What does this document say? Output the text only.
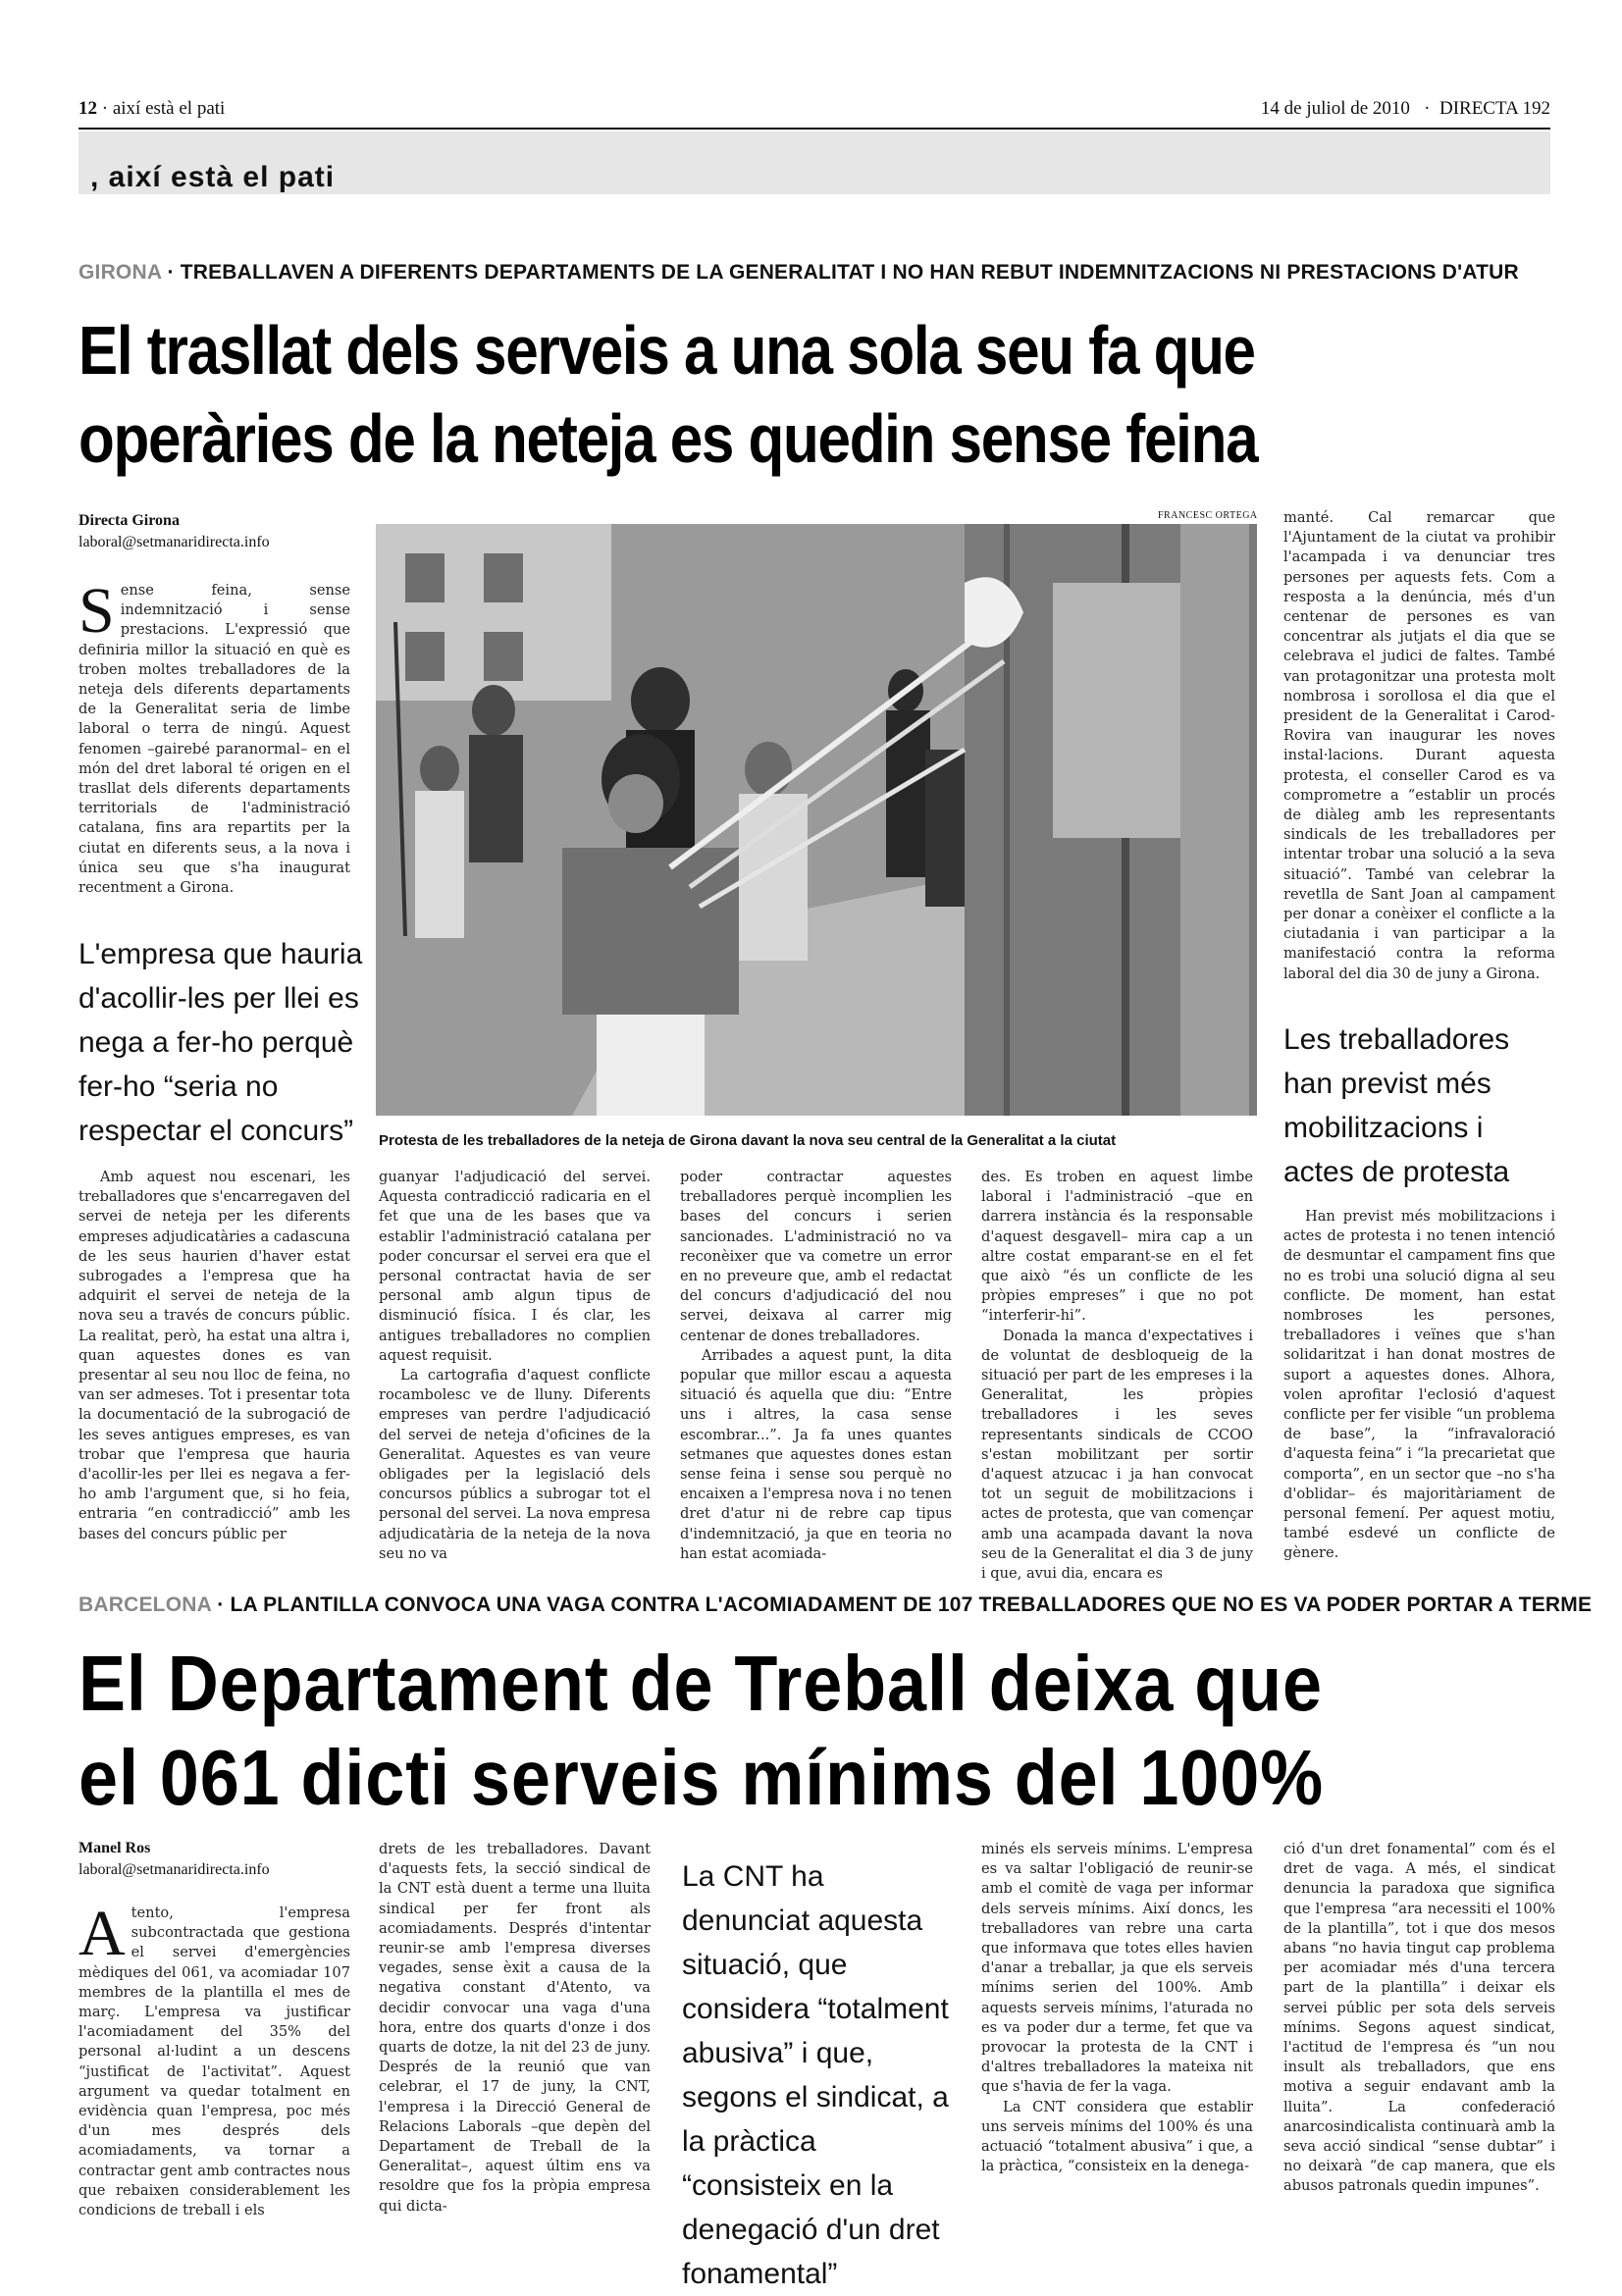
12 · així està el pati	14 de juliol de 2010   ·  DIRECTA 192
, així està el pati
GIRONA · TREBALLAVEN A DIFERENTS DEPARTAMENTS DE LA GENERALITAT I NO HAN REBUT INDEMNITZACIONS NI PRESTACIONS D'ATUR
El trasllat dels serveis a una sola seu fa que
operàries de la neteja es quedin sense feina
Directa Girona
laboral@setmanaridirecta.info
Sense feina, sense indemnització i sense prestacions. L'expressió que definiria millor la situació en què es troben moltes treballadores de la neteja dels diferents departaments de la Generalitat seria de limbe laboral o terra de ningú. Aquest fenomen –gairebé paranormal– en el món del dret laboral té origen en el trasllat dels diferents departaments territorials de l'administració catalana, fins ara repartits per la ciutat en diferents seus, a la nova i única seu que s'ha inaugurat recentment a Girona.
L'empresa que hauria d'acollir-les per llei es nega a fer-ho perquè fer-ho “seria no respectar el concurs”

Amb aquest nou escenari, les treballadores que s'encarregaven del servei de neteja per les diferents empreses adjudicatàries a cadascuna de les seus haurien d'haver estat subrogades a l'empresa que ha adquirit el servei de neteja de la nova seu a través de concurs públic. La realitat, però, ha estat una altra i, quan aquestes dones es van presentar al seu nou lloc de feina, no van ser admeses. Tot i presentar tota la documentació de la subrogació de les seves antigues empreses, es van trobar que l'empresa que hauria d'acollir-les per llei es negava a fer-ho amb l'argument que, si ho feia, entraria “en contradicció” amb les bases del concurs públic per

FRANCESC ORTEGA
Protesta de les treballadores de la neteja de Girona davant la nova seu central de la Generalitat a la ciutat

guanyar l'adjudicació del servei. Aquesta contradicció radicaria en el fet que una de les bases que va establir l'administració catalana per poder concursar el servei era que el personal contractat havia de ser personal amb algun tipus de disminució física. I és clar, les antigues treballadores no complien aquest requisit.

La cartografia d'aquest conflicte rocambolesc ve de lluny. Diferents empreses van perdre l'adjudicació del servei de neteja d'oficines de la Generalitat. Aquestes es van veure obligades per la legislació dels concursos públics a subrogar tot el personal del servei. La nova empresa adjudicatària de la neteja de la nova seu no va

poder contractar aquestes treballadores perquè incomplien les bases del concurs i serien sancionades. L'administració no va reconèixer que va cometre un error en no preveure que, amb el redactat del concurs d'adjudicació del nou servei, deixava al carrer mig centenar de dones treballadores.

Arribades a aquest punt, la dita popular que millor escau a aquesta situació és aquella que diu: “Entre uns i altres, la casa sense escombrar...”. Ja fa unes quantes setmanes que aquestes dones estan sense feina i sense sou perquè no encaixen a l'empresa nova i no tenen dret d'atur ni de rebre cap tipus d'indemnització, ja que en teoria no han estat acomiada-

des. Es troben en aquest limbe laboral i l'administració –que en darrera instància és la responsable d'aquest desgavell– mira cap a un altre costat emparant-se en el fet que això “és un conflicte de les pròpies empreses” i que no pot “interferir-hi”.

Donada la manca d'expectatives i de voluntat de desbloqueig de la situació per part de les empreses i la Generalitat, les pròpies treballadores i les seves representants sindicals de CCOO s'estan mobilitzant per sortir d'aquest atzucac i ja han convocat tot un seguit de mobilitzacions i actes de protesta, que van començar amb una acampada davant la nova seu de la Generalitat el dia 3 de juny i que, avui dia, encara es

manté. Cal remarcar que l'Ajuntament de la ciutat va prohibir l'acampada i va denunciar tres persones per aquests fets. Com a resposta a la denúncia, més d'un centenar de persones es van concentrar als jutjats el dia que se celebrava el judici de faltes. També van protagonitzar una protesta molt nombrosa i sorollosa el dia que el president de la Generalitat i Carod-Rovira van inaugurar les noves instal·lacions. Durant aquesta protesta, el conseller Carod es va comprometre a “establir un procés de diàleg amb les representants sindicals de les treballadores per intentar trobar una solució a la seva situació”. També van celebrar la revetlla de Sant Joan al campament per donar a conèixer el conflicte a la ciutadania i van participar a la manifestació contra la reforma laboral del dia 30 de juny a Girona.

Les treballadores han previst més mobilitzacions i actes de protesta

Han previst més mobilitzacions i actes de protesta i no tenen intenció de desmuntar el campament fins que no es trobi una solució digna al seu conflicte. De moment, han estat nombroses les persones, treballadores i veïnes que s'han solidaritzat i han donat mostres de suport a aquestes dones. Alhora, volen aprofitar l'eclosió d'aquest conflicte per fer visible “un problema de base”, la “infravaloració d'aquesta feina” i “la precarietat que comporta”, en un sector que –no s'ha d'oblidar– és majoritàriament de personal femení. Per aquest motiu, també esdevé un conflicte de gènere.

BARCELONA · LA PLANTILLA CONVOCA UNA VAGA CONTRA L'ACOMIADAMENT DE 107 TREBALLADORES QUE NO ES VA PODER PORTAR A TERME
El Departament de Treball deixa que
el 061 dicti serveis mínims del 100%
Manel Ros
laboral@setmanaridirecta.info
Atento, l'empresa subcontractada que gestiona el servei d'emergències mèdiques del 061, va acomiadar 107 membres de la plantilla el mes de març. L'empresa va justificar l'acomiadament del 35% del personal al·ludint a un descens “justificat de l'activitat”. Aquest argument va quedar totalment en evidència quan l'empresa, poc més d'un mes després dels acomiadaments, va tornar a contractar gent amb contractes nous que rebaixen considerablement les condicions de treball i els

drets de les treballadores. Davant d'aquests fets, la secció sindical de la CNT està duent a terme una lluita sindical per fer front als acomiadaments. Després d'intentar reunir-se amb l'empresa diverses vegades, sense èxit a causa de la negativa constant d'Atento, va decidir convocar una vaga d'una hora, entre dos quarts d'onze i dos quarts de dotze, la nit del 23 de juny. Després de la reunió que van celebrar, el 17 de juny, la CNT, l'empresa i la Direcció General de Relacions Laborals –que depèn del Departament de Treball de la Generalitat–, aquest últim ens va resoldre que fos la pròpia empresa qui dicta-

La CNT ha denunciat aquesta situació, que considera “totalment abusiva” i que, segons el sindicat, a la pràctica “consisteix en la denegació d'un dret fonamental”

minés els serveis mínims. L'empresa es va saltar l'obligació de reunir-se amb el comitè de vaga per informar dels serveis mínims. Així doncs, les treballadores van rebre una carta que informava que totes elles havien d'anar a treballar, ja que els serveis mínims serien del 100%. Amb aquests serveis mínims, l'aturada no es va poder dur a terme, fet que va provocar la protesta de la CNT i d'altres treballadores la mateixa nit que s'havia de fer la vaga.

La CNT considera que establir uns serveis mínims del 100% és una actuació “totalment abusiva” i que, a la pràctica, “consisteix en la denega-

ció d'un dret fonamental” com és el dret de vaga. A més, el sindicat denuncia la paradoxa que significa que l'empresa “ara necessiti el 100% de la plantilla”, tot i que dos mesos abans “no havia tingut cap problema per acomiadar més d'una tercera part de la plantilla” i deixar els servei públic per sota dels serveis mínims. Segons aquest sindicat, l'actitud de l'empresa és “un nou insult als treballadors, que ens motiva a seguir endavant amb la lluita”. La confederació anarcosindicalista continuarà amb la seva acció sindical “sense dubtar” i no deixarà “de cap manera, que els abusos patronals quedin impunes”.
